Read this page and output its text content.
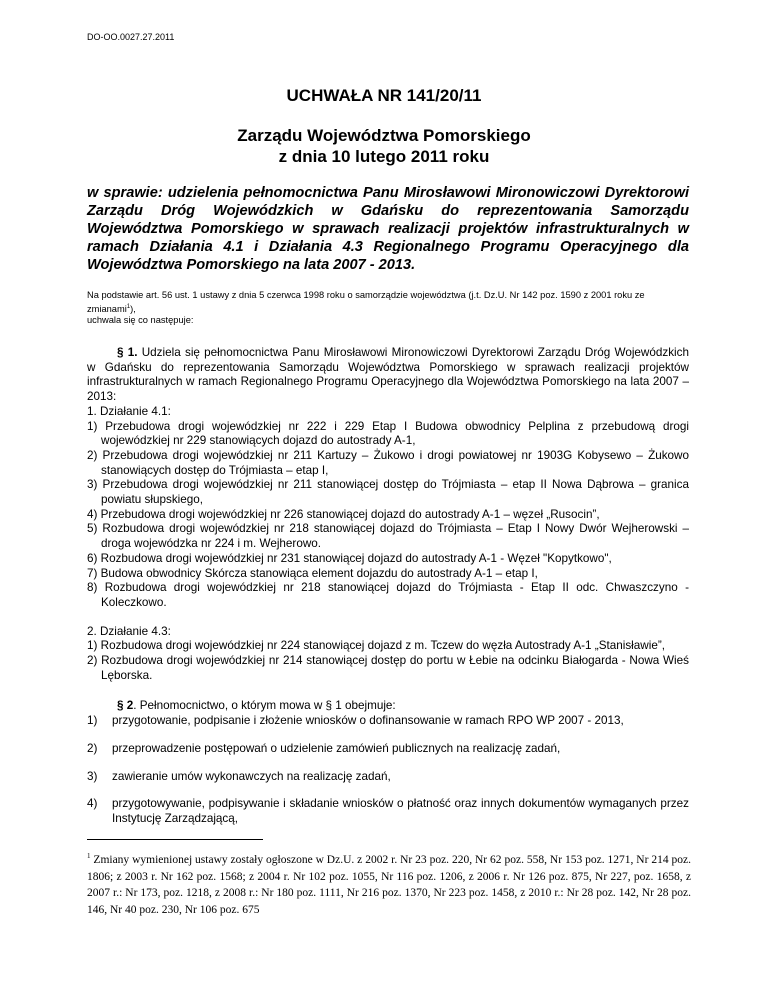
DO-OO.0027.27.2011
UCHWAŁA NR 141/20/11
Zarządu Województwa Pomorskiego
z dnia 10 lutego 2011 roku
w sprawie: udzielenia pełnomocnictwa Panu Mirosławowi Mironowiczowi Dyrektorowi Zarządu Dróg Wojewódzkich w Gdańsku do reprezentowania Samorządu Województwa Pomorskiego w sprawach realizacji projektów infrastrukturalnych w ramach Działania 4.1 i Działania 4.3 Regionalnego Programu Operacyjnego dla Województwa Pomorskiego na lata 2007 - 2013.
Na podstawie art. 56 ust. 1 ustawy z dnia 5 czerwca 1998 roku o samorządzie województwa (j.t. Dz.U. Nr 142 poz. 1590 z 2001 roku ze zmianami$^1$),
uchwala się co następuje:

§ 1. Udziela się pełnomocnictwa Panu Mirosławowi Mironowiczowi Dyrektorowi Zarządu Dróg Wojewódzkich w Gdańsku do reprezentowania Samorządu Województwa Pomorskiego w sprawach realizacji projektów infrastrukturalnych w ramach Regionalnego Programu Operacyjnego dla Województwa Pomorskiego na lata 2007 – 2013:

1. Działanie 4.1:
1) Przebudowa drogi wojewódzkiej nr 222 i 229 Etap I Budowa obwodnicy Pelplina z przebudową drogi wojewódzkiej nr 229 stanowiących dojazd do autostrady A-1,
2) Przebudowa drogi wojewódzkiej nr 211 Kartuzy – Żukowo i drogi powiatowej nr 1903G Kobysewo – Żukowo stanowiących dostęp do Trójmiasta – etap I,
3) Przebudowa drogi wojewódzkiej nr 211 stanowiącej dostęp do Trójmiasta – etap II Nowa Dąbrowa – granica powiatu słupskiego,
4) Przebudowa drogi wojewódzkiej nr 226 stanowiącej dojazd do autostrady A-1 – węzeł „Rusocin”,
5) Rozbudowa drogi wojewódzkiej nr 218 stanowiącej dojazd do Trójmiasta – Etap I Nowy Dwór Wejherowski – droga wojewódzka nr 224 i m. Wejherowo.
6) Rozbudowa drogi wojewódzkiej nr 231 stanowiącej dojazd do autostrady A-1 - Węzeł "Kopytkowo",
7) Budowa obwodnicy Skórcza stanowiąca element dojazdu do autostrady A-1 – etap I,
8) Rozbudowa drogi wojewódzkiej nr 218 stanowiącej dojazd do Trójmiasta - Etap II odc. Chwaszczyno - Koleczkowo.
2. Działanie 4.3:
1) Rozbudowa drogi wojewódzkiej nr 224 stanowiącej dojazd z m. Tczew do węzła Autostrady A-1 „Stanisławie”,
2) Rozbudowa drogi wojewódzkiej nr 214 stanowiącej dostęp do portu w Łebie na odcinku Białogarda - Nowa Wieś Lęborska.

§ 2. Pełnomocnictwo, o którym mowa w § 1 obejmuje:

1) przygotowanie, podpisanie i złożenie wniosków o dofinansowanie w ramach RPO WP 2007 - 2013,
2) przeprowadzenie postępowań o udzielenie zamówień publicznych na realizację zadań,
3) zawieranie umów wykonawczych na realizację zadań,
4) przygotowywanie, podpisywanie i składanie wniosków o płatność oraz innych dokumentów wymaganych przez Instytucję Zarządzającą,
$^1$ Zmiany wymienionej ustawy zostały ogłoszone w Dz.U. z 2002 r. Nr 23 poz. 220, Nr 62 poz. 558, Nr 153 poz. 1271, Nr 214 poz. 1806; z 2003 r. Nr 162 poz. 1568; z 2004 r. Nr 102 poz. 1055, Nr 116 poz. 1206, z 2006 r. Nr 126 poz. 875, Nr 227, poz. 1658, z 2007 r.: Nr 173, poz. 1218, z 2008 r.: Nr 180 poz. 1111, Nr 216 poz. 1370, Nr 223 poz. 1458, z 2010 r.: Nr 28 poz. 142, Nr 28 poz. 146, Nr 40 poz. 230, Nr 106 poz. 675
